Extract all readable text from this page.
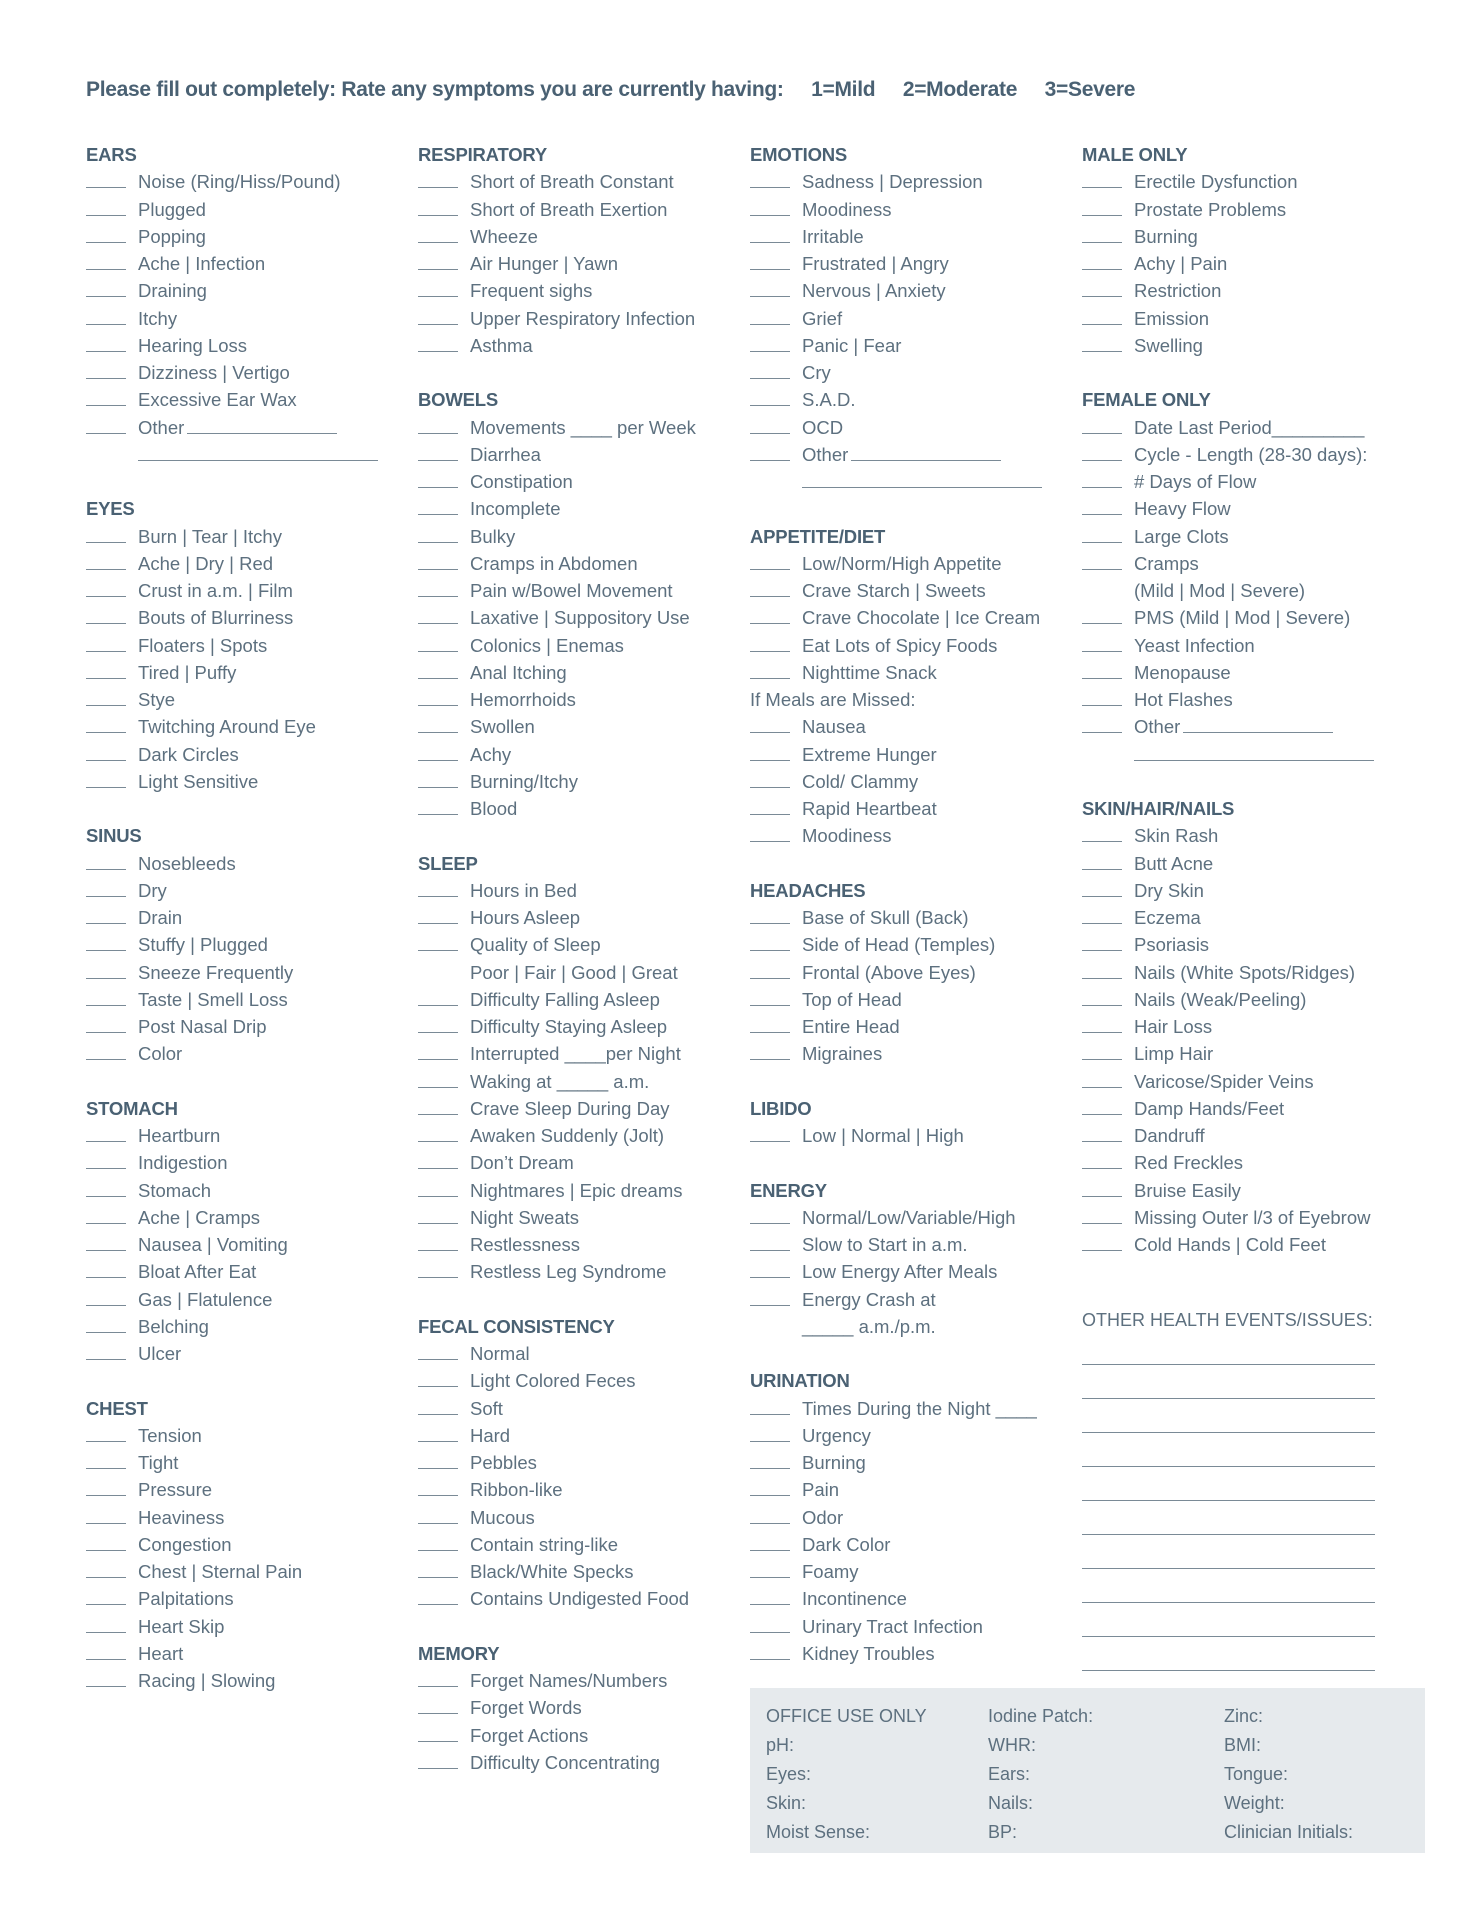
Please fill out completely: Rate any symptoms you are currently having: 1=Mild 2=Moderate 3=Severe
EARS
Noise (Ring/Hiss/Pound)
Plugged
Popping
Ache | Infection
Draining
Itchy
Hearing Loss
Dizziness | Vertigo
Excessive Ear Wax
Other
EYES
Burn | Tear | Itchy
Ache | Dry | Red
Crust in a.m. | Film
Bouts of Blurriness
Floaters | Spots
Tired | Puffy
Stye
Twitching Around Eye
Dark Circles
Light Sensitive
SINUS
Nosebleeds
Dry
Drain
Stuffy | Plugged
Sneeze Frequently
Taste | Smell Loss
Post Nasal Drip
Color
STOMACH
Heartburn
Indigestion
Stomach
Ache | Cramps
Nausea | Vomiting
Bloat After Eat
Gas | Flatulence
Belching
Ulcer
CHEST
Tension
Tight
Pressure
Heaviness
Congestion
Chest | Sternal Pain
Palpitations
Heart Skip
Heart
Racing | Slowing
RESPIRATORY
Short of Breath Constant
Short of Breath Exertion
Wheeze
Air Hunger | Yawn
Frequent sighs
Upper Respiratory Infection
Asthma
BOWELS
Movements ____ per Week
Diarrhea
Constipation
Incomplete
Bulky
Cramps in Abdomen
Pain w/Bowel Movement
Laxative | Suppository Use
Colonics | Enemas
Anal Itching
Hemorrhoids
Swollen
Achy
Burning/Itchy
Blood
SLEEP
Hours in Bed
Hours Asleep
Quality of Sleep
Poor | Fair | Good | Great
Difficulty Falling Asleep
Difficulty Staying Asleep
Interrupted ____per Night
Waking at _____ a.m.
Crave Sleep During Day
Awaken Suddenly (Jolt)
Don’t Dream
Nightmares | Epic dreams
Night Sweats
Restlessness
Restless Leg Syndrome
FECAL CONSISTENCY
Normal
Light Colored Feces
Soft
Hard
Pebbles
Ribbon-like
Mucous
Contain string-like
Black/White Specks
Contains Undigested Food
MEMORY
Forget Names/Numbers
Forget Words
Forget Actions
Difficulty Concentrating
EMOTIONS
Sadness | Depression
Moodiness
Irritable
Frustrated | Angry
Nervous | Anxiety
Grief
Panic | Fear
Cry
S.A.D.
OCD
Other
APPETITE/DIET
Low/Norm/High Appetite
Crave Starch | Sweets
Crave Chocolate | Ice Cream
Eat Lots of Spicy Foods
Nighttime Snack
If Meals are Missed:
Nausea
Extreme Hunger
Cold/ Clammy
Rapid Heartbeat
Moodiness
HEADACHES
Base of Skull (Back)
Side of Head (Temples)
Frontal (Above Eyes)
Top of Head
Entire Head
Migraines
LIBIDO
Low | Normal | High
ENERGY
Normal/Low/Variable/High
Slow to Start in a.m.
Low Energy After Meals
Energy Crash at
_____ a.m./p.m.
URINATION
Times During the Night ____
Urgency
Burning
Pain
Odor
Dark Color
Foamy
Incontinence
Urinary Tract Infection
Kidney Troubles
MALE ONLY
Erectile Dysfunction
Prostate Problems
Burning
Achy | Pain
Restriction
Emission
Swelling
FEMALE ONLY
Date Last Period_________
Cycle - Length (28-30 days):
# Days of Flow
Heavy Flow
Large Clots
Cramps
(Mild | Mod | Severe)
PMS (Mild | Mod | Severe)
Yeast Infection
Menopause
Hot Flashes
Other
SKIN/HAIR/NAILS
Skin Rash
Butt Acne
Dry Skin
Eczema
Psoriasis
Nails (White Spots/Ridges)
Nails (Weak/Peeling)
Hair Loss
Limp Hair
Varicose/Spider Veins
Damp Hands/Feet
Dandruff
Red Freckles
Bruise Easily
Missing Outer l/3 of Eyebrow
Cold Hands | Cold Feet
OTHER HEALTH EVENTS/ISSUES:
OFFICE USE ONLY
pH:
Eyes:
Skin:
Moist Sense:
Iodine Patch:
WHR:
Ears:
Nails:
BP:
Zinc:
BMI:
Tongue:
Weight:
Clinician Initials:
